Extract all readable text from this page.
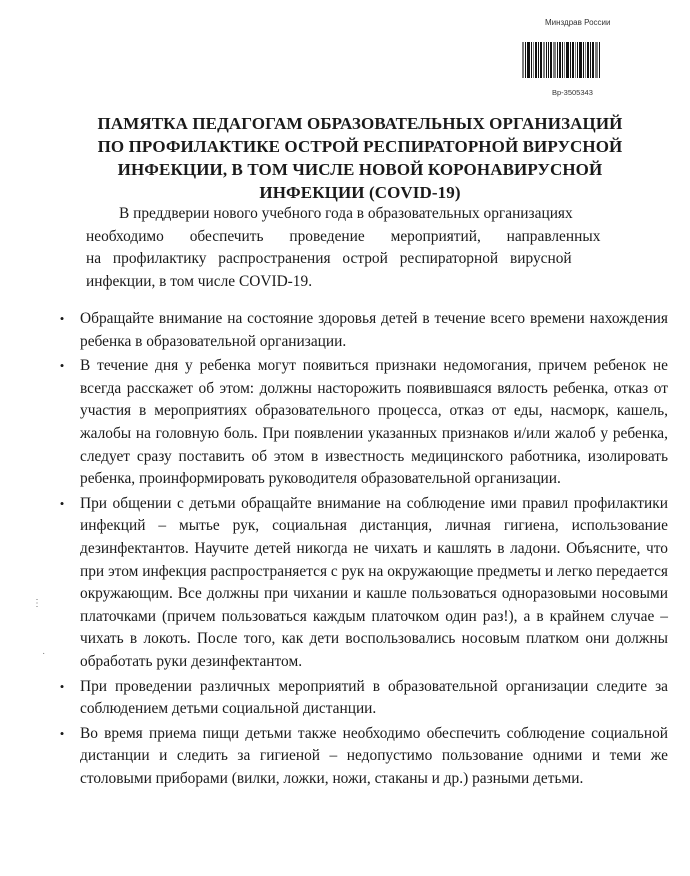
Минздрав России
Вр-3505343
ПАМЯТКА ПЕДАГОГАМ ОБРАЗОВАТЕЛЬНЫХ ОРГАНИЗАЦИЙ
ПО ПРОФИЛАКТИКЕ ОСТРОЙ РЕСПИРАТОРНОЙ ВИРУСНОЙ
ИНФЕКЦИИ, В ТОМ ЧИСЛЕ НОВОЙ КОРОНАВИРУСНОЙ
ИНФЕКЦИИ (COVID-19)
В преддверии нового учебного года в образовательных организациях
необходимо обеспечить проведение мероприятий, направленных
на профилактику распространения острой респираторной вирусной
инфекции, в том числе COVID-19.
• Обращайте внимание на состояние здоровья детей в течение всего времени нахождения ребенка в образовательной организации.
• В течение дня у ребенка могут появиться признаки недомогания, причем ребенок не всегда расскажет об этом: должны насторожить появившаяся вялость ребенка, отказ от участия в мероприятиях образовательного процесса, отказ от еды, насморк, кашель, жалобы на головную боль. При появлении указанных признаков и/или жалоб у ребенка, следует сразу поставить об этом в известность медицинского работника, изолировать ребенка, проинформировать руководителя образовательной организации.
• При общении с детьми обращайте внимание на соблюдение ими правил профилактики инфекций – мытье рук, социальная дистанция, личная гигиена, использование дезинфектантов. Научите детей никогда не чихать и кашлять в ладони. Объясните, что при этом инфекция распространяется с рук на окружающие предметы и легко передается окружающим. Все должны при чихании и кашле пользоваться одноразовыми носовыми платочками (причем пользоваться каждым платочком один раз!), а в крайнем случае – чихать в локоть. После того, как дети воспользовались носовым платком они должны обработать руки дезинфектантом.
• При проведении различных мероприятий в образовательной организации следите за соблюдением детьми социальной дистанции.
• Во время приема пищи детьми также необходимо обеспечить соблюдение социальной дистанции и следить за гигиеной – недопустимо пользование одними и теми же столовыми приборами (вилки, ложки, ножи, стаканы и др.) разными детьми.
⋮
˙
